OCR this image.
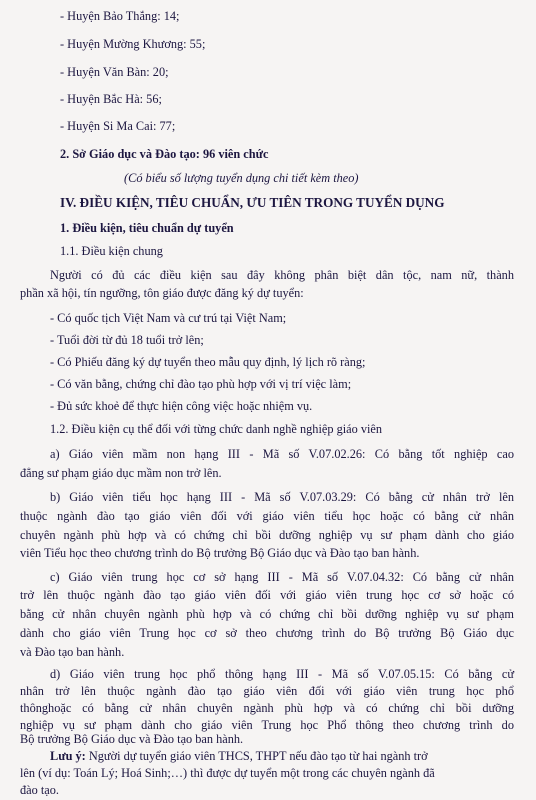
- Huyện Bảo Thắng: 14;
- Huyện Mường Khương: 55;
- Huyện Văn Bàn: 20;
- Huyện Bắc Hà: 56;
- Huyện Si Ma Cai: 77;
2. Sở Giáo dục và Đào tạo: 96 viên chức
(Có biểu số lượng tuyển dụng chi tiết kèm theo)
IV. ĐIỀU KIỆN, TIÊU CHUẨN, ƯU TIÊN TRONG TUYỂN DỤNG
1. Điều kiện, tiêu chuẩn dự tuyển
1.1. Điều kiện chung
Người có đủ các điều kiện sau đây không phân biệt dân tộc, nam nữ, thành
phần xã hội, tín ngưỡng, tôn giáo được đăng ký dự tuyển:
- Có quốc tịch Việt Nam và cư trú tại Việt Nam;
- Tuổi đời từ đủ 18 tuổi trở lên;
- Có Phiếu đăng ký dự tuyển theo mẫu quy định, lý lịch rõ ràng;
- Có văn bằng, chứng chỉ đào tạo phù hợp với vị trí việc làm;
- Đủ sức khoẻ để thực hiện công việc hoặc nhiệm vụ.
1.2. Điều kiện cụ thể đối với từng chức danh nghề nghiệp giáo viên
a) Giáo viên mầm non hạng III - Mã số V.07.02.26: Có bằng tốt nghiệp cao
đẳng sư phạm giáo dục mầm non trở lên.
b) Giáo viên tiểu học hạng III - Mã số V.07.03.29: Có bằng cử nhân trở lên
thuộc ngành đào tạo giáo viên đối với giáo viên tiểu học hoặc có bằng cử nhân
chuyên ngành phù hợp và có chứng chỉ bồi dưỡng nghiệp vụ sư phạm dành cho giáo
viên Tiểu học theo chương trình do Bộ trưởng Bộ Giáo dục và Đào tạo ban hành.
c) Giáo viên trung học cơ sở hạng III - Mã số V.07.04.32: Có bằng cử nhân
trở lên thuộc ngành đào tạo giáo viên đối với giáo viên trung học cơ sở hoặc có
bằng cử nhân chuyên ngành phù hợp và có chứng chỉ bồi dưỡng nghiệp vụ sư phạm
dành cho giáo viên Trung học cơ sở theo chương trình do Bộ trưởng Bộ Giáo dục
và Đào tạo ban hành.
d) Giáo viên trung học phổ thông hạng III - Mã số V.07.05.15: Có bằng cử
nhân trở lên thuộc ngành đào tạo giáo viên đối với giáo viên trung học phổ
thônghoặc có bằng cử nhân chuyên ngành phù hợp và có chứng chỉ bồi dưỡng
nghiệp vụ sư phạm dành cho giáo viên Trung học Phổ thông theo chương trình do
Bộ trưởng Bộ Giáo dục và Đào tạo ban hành.
Lưu ý: Người dự tuyển giáo viên THCS, THPT nếu đào tạo từ hai ngành trở
lên (ví dụ: Toán Lý; Hoá Sinh;…) thì được dự tuyển một trong các chuyên ngành đã
đào tạo.
